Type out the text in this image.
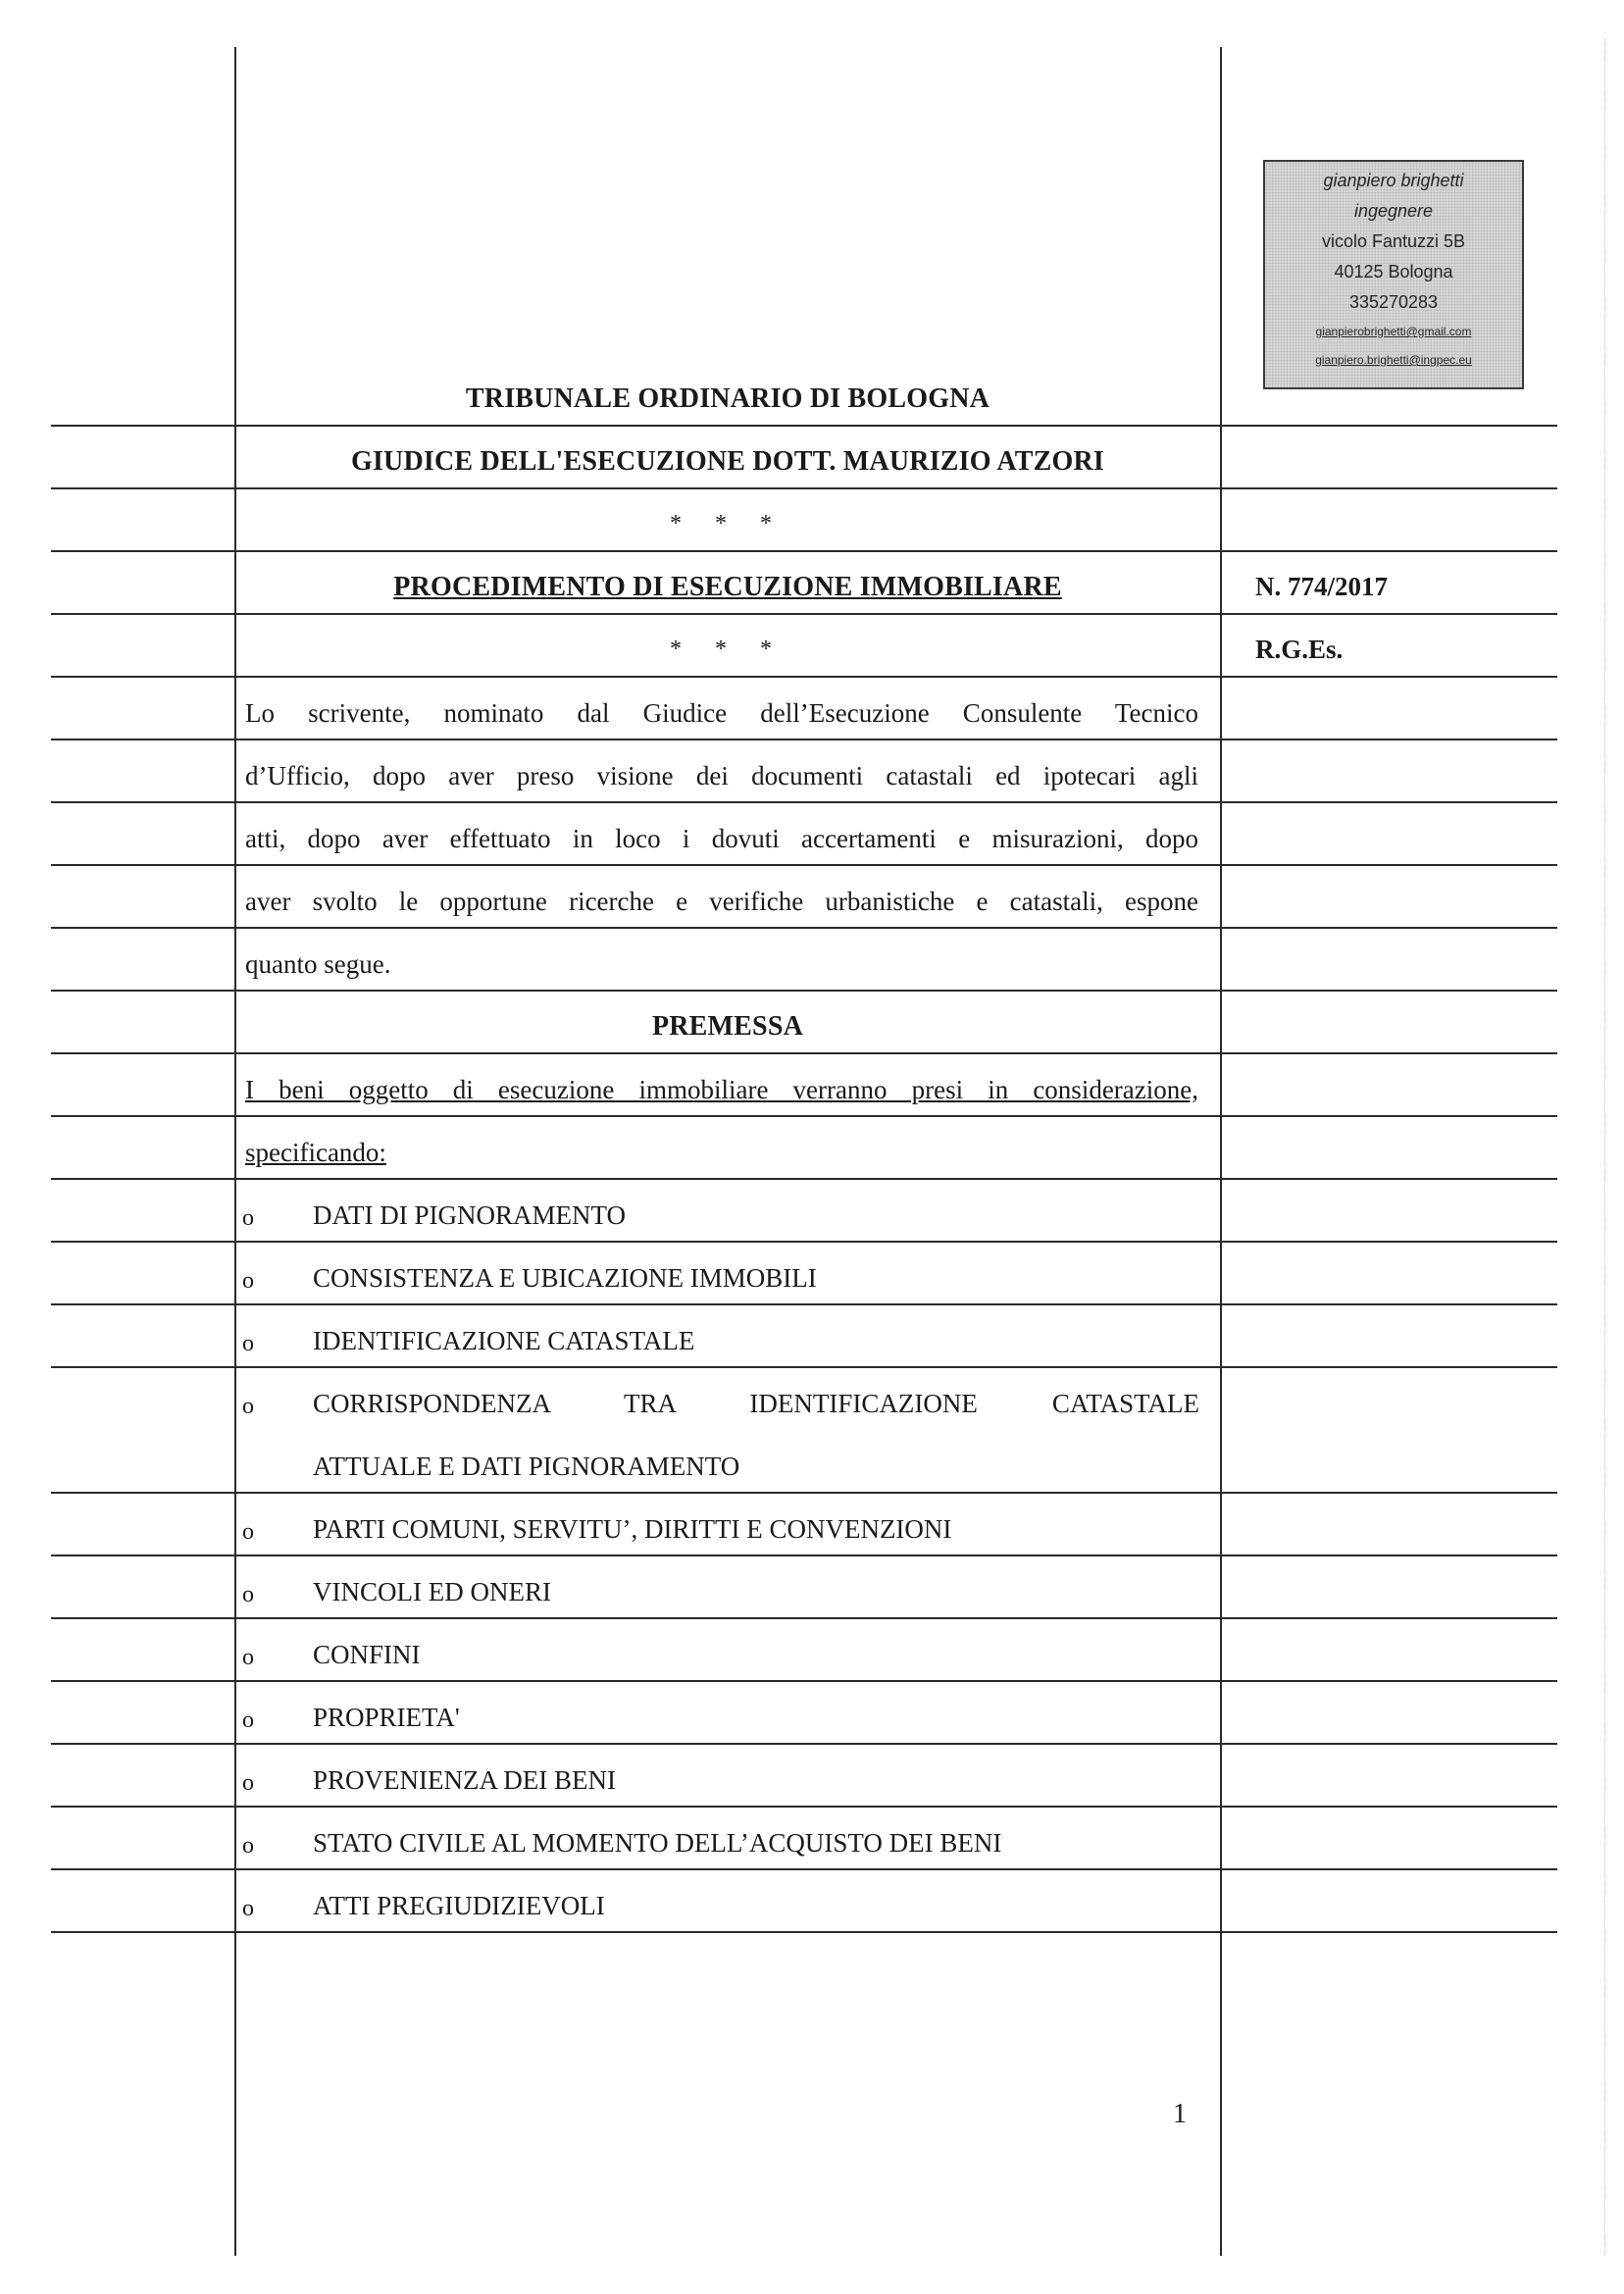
gianpiero brighetti
ingegnere
vicolo Fantuzzi 5B
40125 Bologna
335270283
gianpierobrighetti@gmail.com
gianpiero.brighetti@ingpec.eu
TRIBUNALE ORDINARIO DI BOLOGNA
GIUDICE DELL'ESECUZIONE DOTT. MAURIZIO ATZORI
* * *
PROCEDIMENTO DI ESECUZIONE IMMOBILIARE
* * *
N. 774/2017
R.G.Es.
Lo scrivente, nominato dal Giudice dell’Esecuzione Consulente Tecnico
d’Ufficio, dopo aver preso visione dei documenti catastali ed ipotecari agli
atti, dopo aver effettuato in loco i dovuti accertamenti e misurazioni, dopo
aver svolto le opportune ricerche e verifiche urbanistiche e catastali, espone
quanto segue.
PREMESSA
I beni oggetto di esecuzione immobiliare verranno presi in considerazione,
specificando:
o
o
o
o
o
o
o
o
o
o
o
DATI DI PIGNORAMENTO
CONSISTENZA E UBICAZIONE IMMOBILI
IDENTIFICAZIONE CATASTALE
CORRISPONDENZA TRA IDENTIFICAZIONE CATASTALE
ATTUALE E DATI PIGNORAMENTO
PARTI COMUNI, SERVITU’, DIRITTI E CONVENZIONI
VINCOLI ED ONERI
CONFINI
PROPRIETA'
PROVENIENZA DEI BENI
STATO CIVILE AL MOMENTO DELL’ACQUISTO DEI BENI
ATTI PREGIUDIZIEVOLI
1
